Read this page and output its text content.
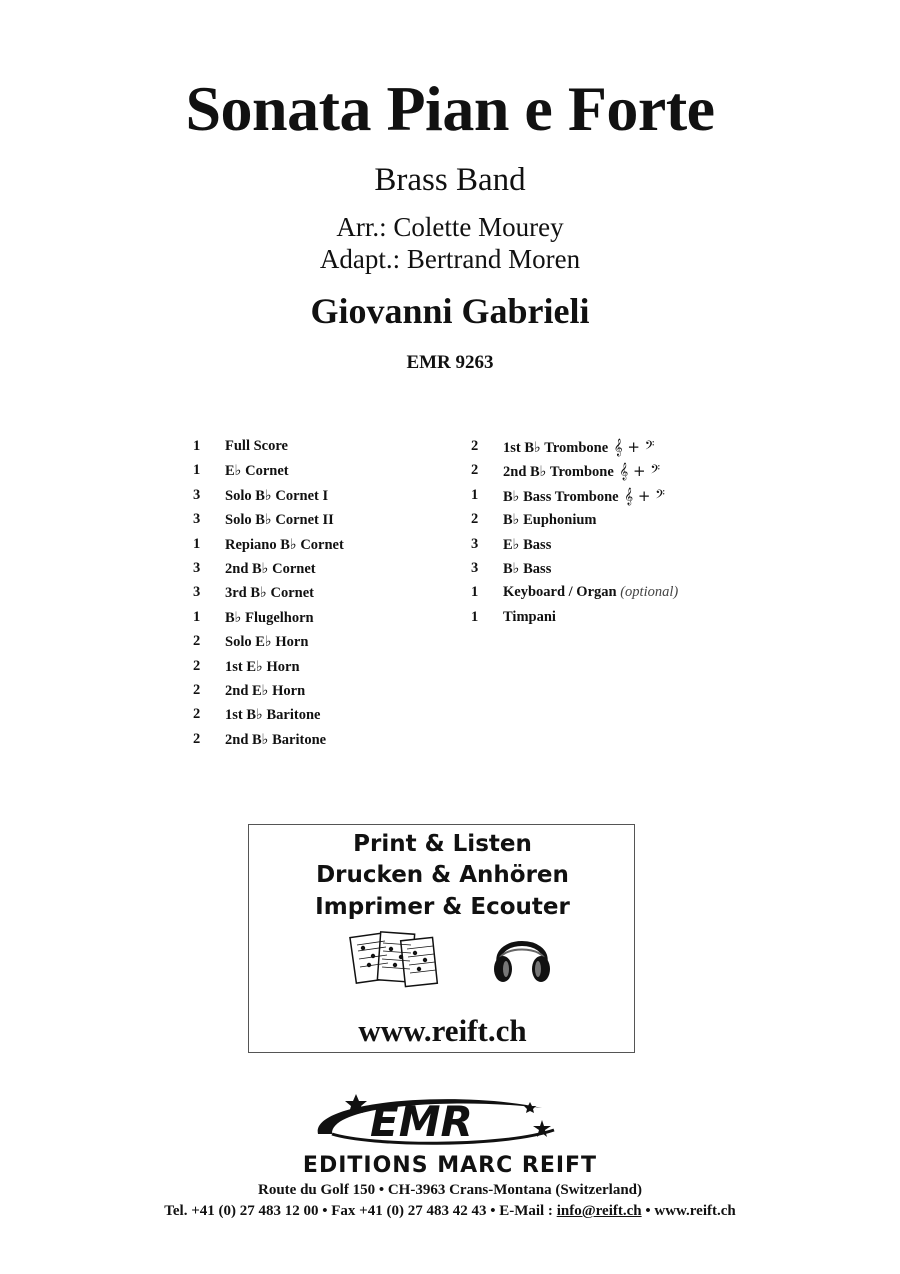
Sonata Pian e Forte
Brass Band
Arr.: Colette Mourey
Adapt.: Bertrand Moren
Giovanni Gabrieli
EMR 9263
1 Full Score
1 E♭ Cornet
3 Solo B♭ Cornet I
3 Solo B♭ Cornet II
1 Repiano B♭ Cornet
3 2nd B♭ Cornet
3 3rd B♭ Cornet
1 B♭ Flugelhorn
2 Solo E♭ Horn
2 1st E♭ Horn
2 2nd E♭ Horn
2 1st B♭ Baritone
2 2nd B♭ Baritone
2 1st B♭ Trombone 𝄞 + 𝄢
2 2nd B♭ Trombone 𝄞 + 𝄢
1 B♭ Bass Trombone 𝄞 + 𝄢
2 B♭ Euphonium
3 E♭ Bass
3 B♭ Bass
1 Keyboard / Organ (optional)
1 Timpani
Print & Listen
Drucken & Anhören
Imprimer & Ecouter
www.reift.ch
EMR
EDITIONS MARC REIFT
Route du Golf 150 • CH-3963 Crans-Montana (Switzerland)
Tel. +41 (0) 27 483 12 00 • Fax +41 (0) 27 483 42 43 • E-Mail : info@reift.ch • www.reift.ch
